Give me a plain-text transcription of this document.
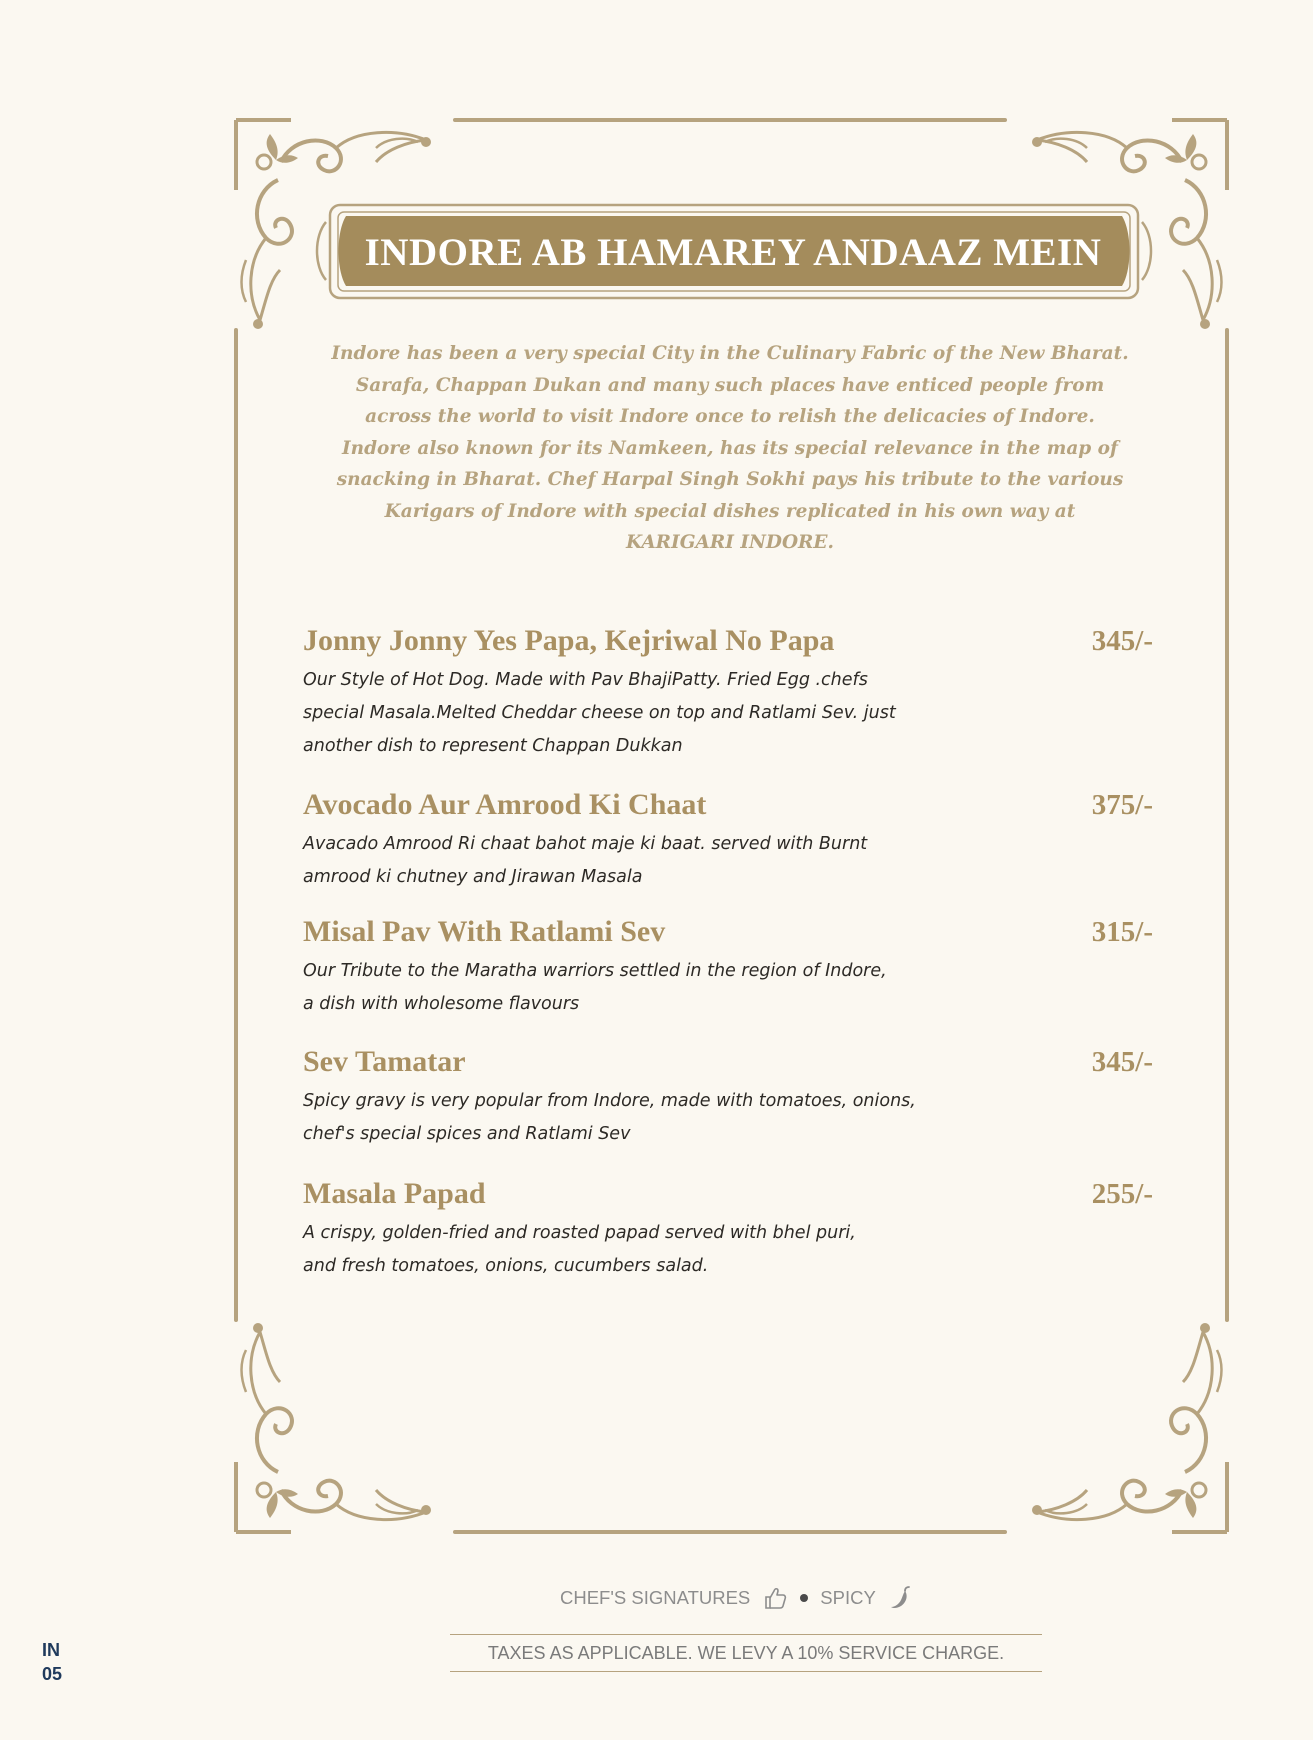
INDORE AB HAMAREY ANDAAZ MEIN

Indore has been a very special City in the Culinary Fabric of the New Bharat.

Sarafa, Chappan Dukan and many such places have enticed people from

across the world to visit Indore once to relish the delicacies of Indore.

Indore also known for its Namkeen, has its special relevance in the map of

snacking in Bharat. Chef Harpal Singh Sokhi pays his tribute to the various

Karigars of Indore with special dishes replicated in his own way at

KARIGARI INDORE.

Jonny Jonny Yes Papa, Kejriwal No Papa	345/-
Our Style of Hot Dog. Made with Pav BhajiPatty. Fried Egg .chefs
special Masala.Melted Cheddar cheese on top and Ratlami Sev. just
another dish to represent Chappan Dukkan
Avocado Aur Amrood Ki Chaat	375/-
Avacado Amrood Ri chaat bahot maje ki baat. served with Burnt
amrood ki chutney and Jirawan Masala
Misal Pav With Ratlami Sev	315/-
Our Tribute to the Maratha warriors settled in the region of Indore,
a dish with wholesome flavours
Sev Tamatar	345/-
Spicy gravy is very popular from Indore, made with tomatoes, onions,
chef's special spices and Ratlami Sev
Masala Papad	255/-
A crispy, golden-fried and roasted papad served with bhel puri,
and fresh tomatoes, onions, cucumbers salad.
CHEF'S SIGNATURES	SPICY
TAXES AS APPLICABLE. WE LEVY A 10% SERVICE CHARGE.
IN
05
